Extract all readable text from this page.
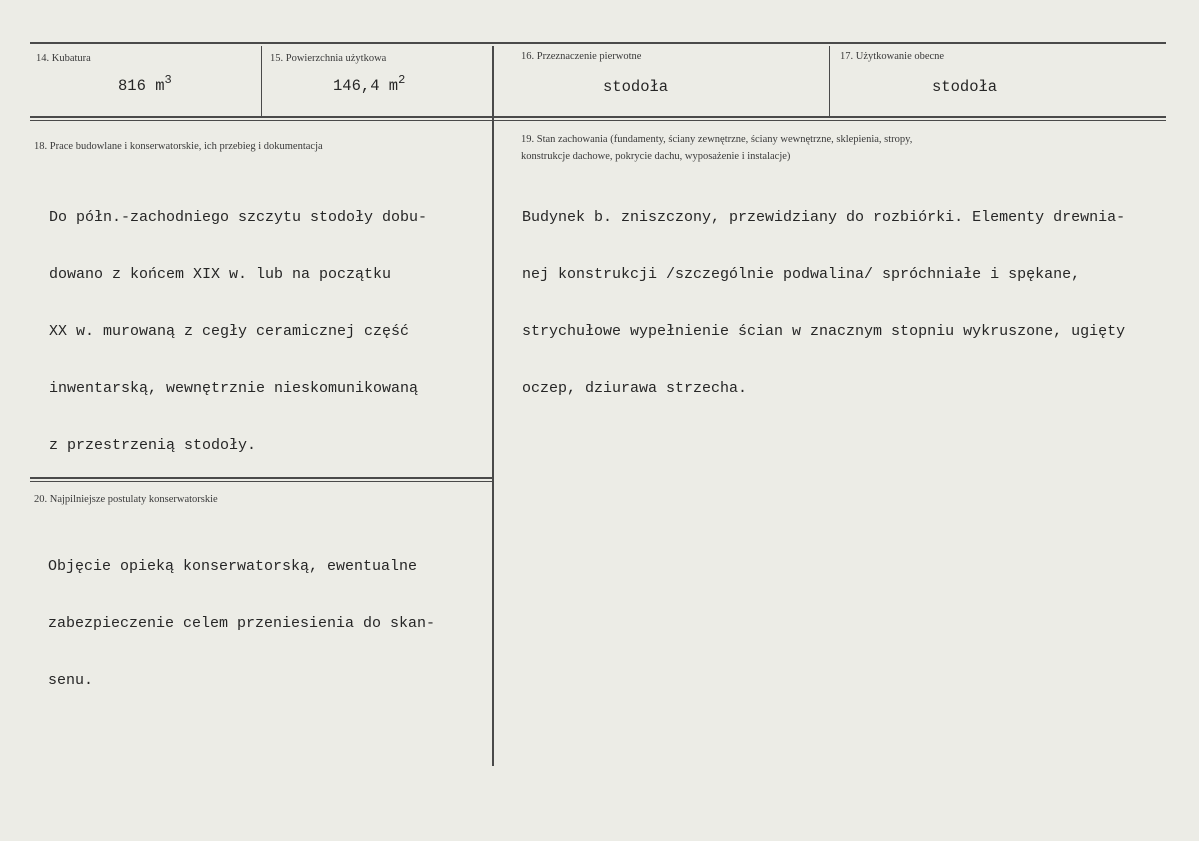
14. Kubatura
816 $m^3$
15. Powierzchnia użytkowa
146,4 $m^2$
16. Przeznaczenie pierwotne
stodoła
17. Użytkowanie obecne
stodoła
18. Prace budowlane i konserwatorskie, ich przebieg i dokumentacja

Do półn.-zachodniego szczytu stodoły dobu-

dowano z końcem XIX w. lub na początku

XX w. murowaną z cegły ceramicznej część

inwentarską, wewnętrznie nieskomunikowaną

z przestrzenią stodoły.

19. Stan zachowania (fundamenty, ściany zewnętrzne, ściany wewnętrzne, sklepienia, stropy,
konstrukcje dachowe, pokrycie dachu, wyposażenie i instalacje)

Budynek b. zniszczony, przewidziany do rozbiórki. Elementy drewnia-

nej konstrukcji /szczególnie podwalina/ spróchniałe i spękane,

strychułowe wypełnienie ścian w znacznym stopniu wykruszone, ugięty

oczep, dziurawa strzecha.

20. Najpilniejsze postulaty konserwatorskie

Objęcie opieką konserwatorską, ewentualne

zabezpieczenie celem przeniesienia do skan-

senu.
